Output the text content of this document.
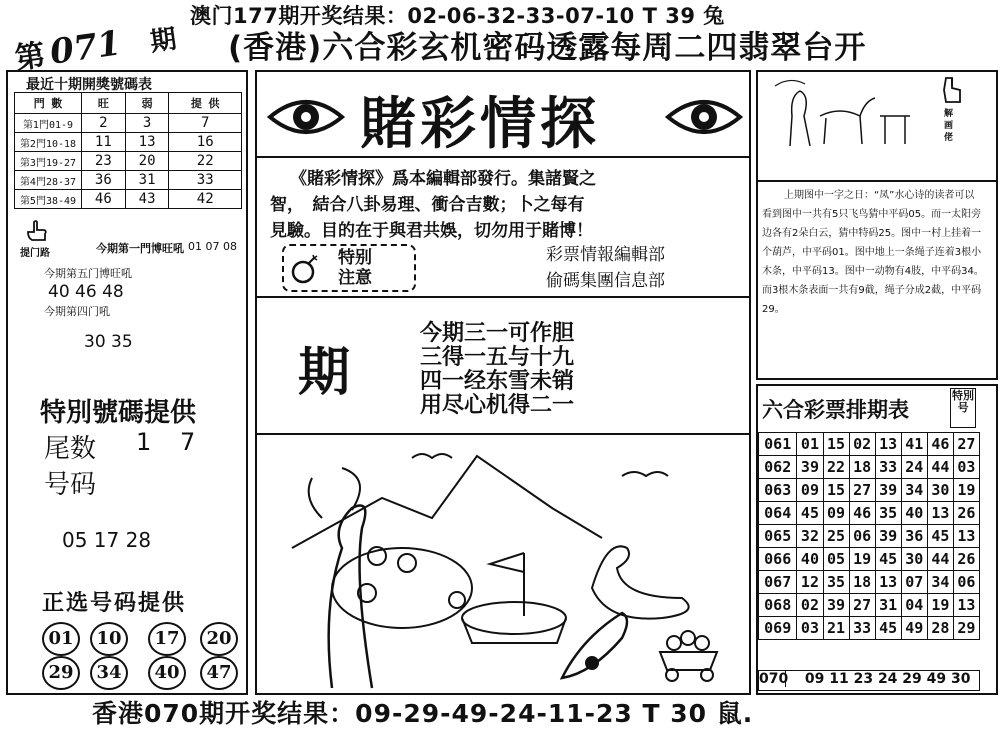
澳门177期开奖结果：02-06-32-33-07-10 T 39 兔
第 071 期 (香港)六合彩玄机密码透露每周二四翡翠台开
最近十期開獎號碼表
門 數	旺	弱	提 供
第1門01-9	2	3	7
第2門10-18	11	13	16
第3門19-27	23	20	22
第4門28-37	36	31	33
第5門38-49	46	43	42
提门路	今期第一門博旺吼 01 07 08
今期第五门博旺吼
40 46 48
今期第四门吼
30 35
特別號碼提供
尾数 1 7
号码
05 17 28
正选号码提供
01	10	17	20
29	34	40	47
賭彩情探
《賭彩情探》爲本編輯部發行。集諸賢之
智，　結合八卦易理、衝合吉數；卜之每有
見驗。目的在于與君共娛，切勿用于賭博！
特别注意
彩票情報編輯部
偷碼集團信息部
期
今期三一可作胆
三得一五与十九
四一经东雪未销
用尽心机得二一
解画佬
上期图中一字之日：“凤”水心诗的读者可以看到图中一共有5只飞鸟猜中平码05。而一太阳旁边各有2朵白云，猜中特码25。图中一村上挂着一个葫芦，中平码01。图中地上一条绳子连着3根小木条，中平码13。图中一动物有4肢，中平码34。而3根木条表面一共有9截，绳子分成2截，中平码29。
六合彩票排期表
特別号
061	01	15	02	13	41	46	27
062	39	22	18	33	24	44	03
063	09	15	27	39	34	30	19
064	45	09	46	35	40	13	26
065	32	25	06	39	36	45	13
066	40	05	19	45	30	44	26
067	12	35	18	13	07	34	06
068	02	39	27	31	04	19	13
069	03	21	33	45	49	28	29
070 09 11 23 24 29 49 30
香港070期开奖结果：09-29-49-24-11-23 T 30 鼠.
